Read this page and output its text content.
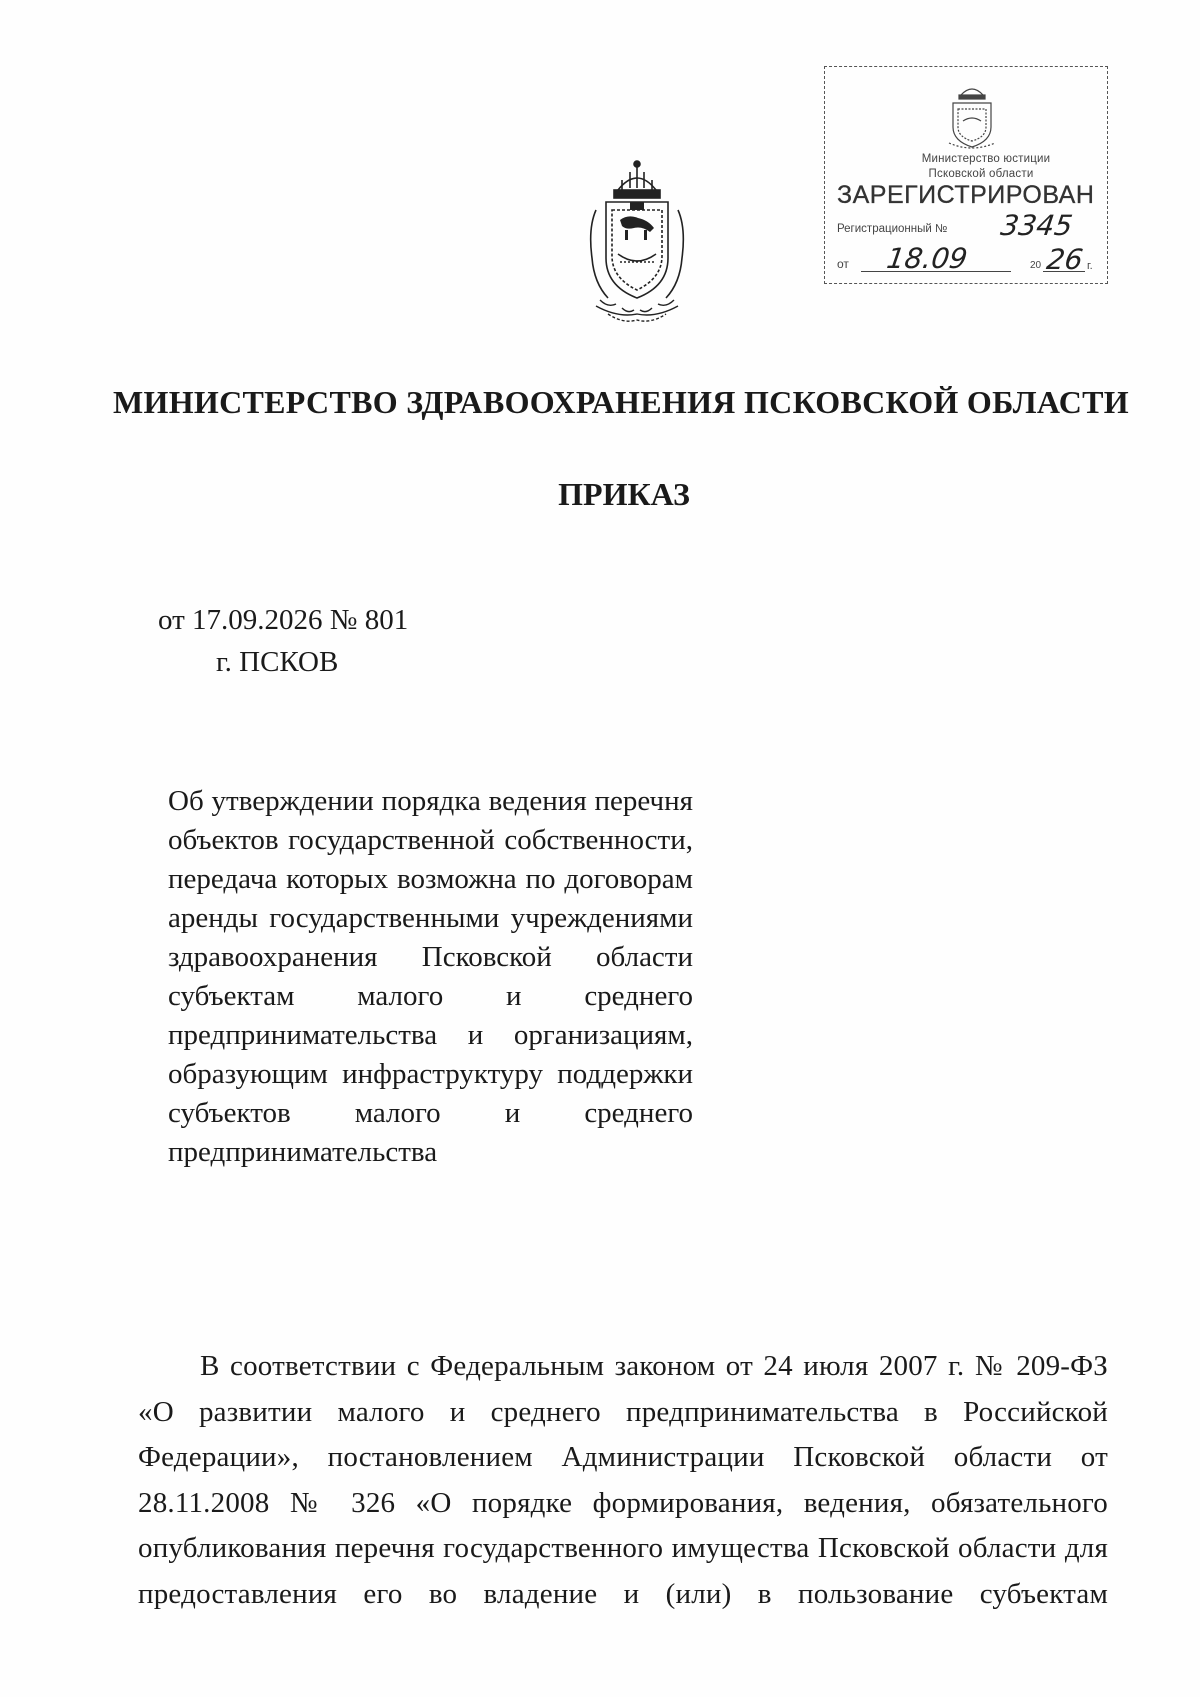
Министерство юстиции
Псковской области
ЗАРЕГИСТРИРОВАН
Регистрационный № 3345
от 18.09	20 26 г.
МИНИСТЕРСТВО ЗДРАВООХРАНЕНИЯ ПСКОВСКОЙ ОБЛАСТИ
ПРИКАЗ
от 17.09.2026 № 801
г. ПСКОВ
Об утверждении порядка ведения перечня объектов государственной собственности, передача которых возможна по договорам аренды государственными учреждениями здравоохранения Псковской области субъектам малого и среднего предпринимательства и организациям, образующим инфраструктуру поддержки субъектов малого и среднего предпринимательства
В соответствии с Федеральным законом от 24 июля 2007 г. № 209-ФЗ «О развитии малого и среднего предпринимательства в Российской Федерации», постановлением Администрации Псковской области от 28.11.2008 № 326 «О порядке формирования, ведения, обязательного опубликования перечня государственного имущества Псковской области для предоставления его во владение и (или) в пользование субъектам
